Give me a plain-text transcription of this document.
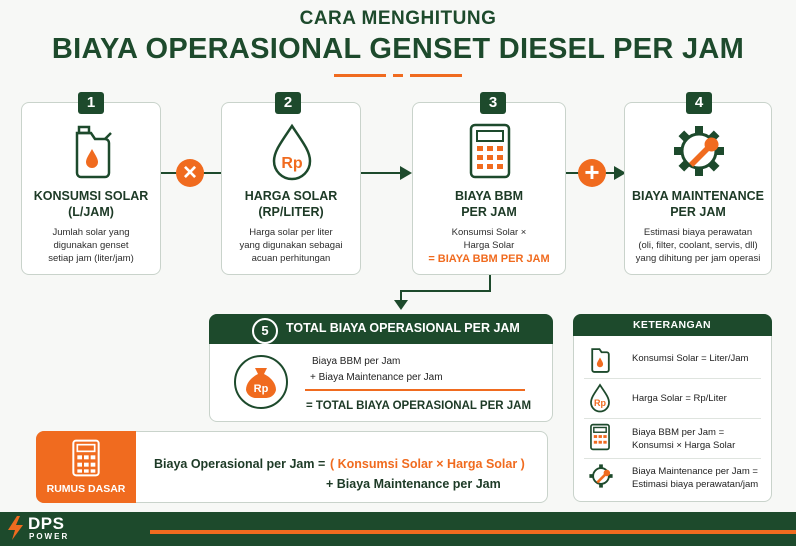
CARA MENGHITUNG
BIAYA OPERASIONAL GENSET DIESEL PER JAM
KONSUMSI SOLAR
(L/JAM)
Jumlah solar yang
digunakan genset
setiap jam (liter/jam)
1
×	Rp
HARGA SOLAR
(RP/LITER)
Harga solar per liter
yang digunakan sebagai
acuan perhitungan
2
BIAYA BBM
PER JAM
Konsumsi Solar ×
Harga Solar
= BIAYA BBM PER JAM
3
+
BIAYA MAINTENANCE
PER JAM
Estimasi biaya perawatan
(oli, filter, coolant, servis, dll)
yang dihitung per jam operasi
4
5	TOTAL BIAYA OPERASIONAL PER JAM
Rp
Biaya BBM per Jam
+ Biaya Maintenance per Jam
= TOTAL BIAYA OPERASIONAL PER JAM
KETERANGAN
Konsumsi Solar = Liter/Jam
Rp	Harga Solar = Rp/Liter
Biaya BBM per Jam =
Konsumsi × Harga Solar
Biaya Maintenance per Jam =
Estimasi biaya perawatan/jam
RUMUS DASAR
Biaya Operasional per Jam = ( Konsumsi Solar × Harga Solar )
+ Biaya Maintenance per Jam
DPS
POWER
